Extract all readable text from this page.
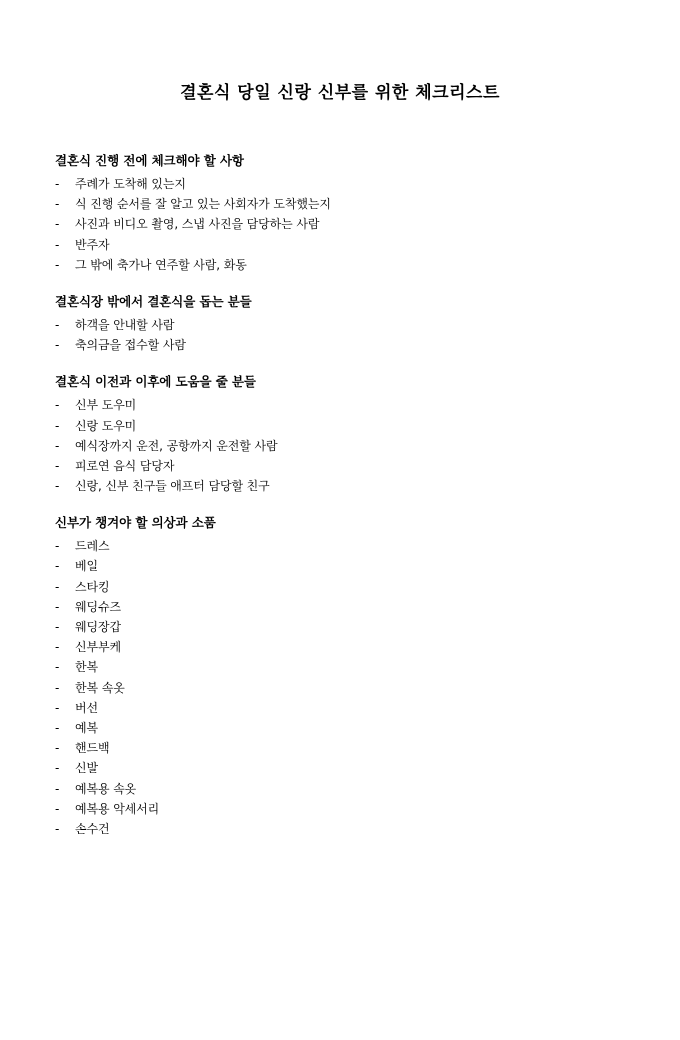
결혼식 당일 신랑 신부를 위한 체크리스트
결혼식 진행 전에 체크해야 할 사항
- 주례가 도착해 있는지
- 식 진행 순서를 잘 알고 있는 사회자가 도착했는지
- 사진과 비디오 촬영, 스냅 사진을 담당하는 사람
- 반주자
- 그 밖에 축가나 연주할 사람, 화동
결혼식장 밖에서 결혼식을 돕는 분들
- 하객을 안내할 사람
- 축의금을 접수할 사람
결혼식 이전과 이후에 도움을 줄 분들
- 신부 도우미
- 신랑 도우미
- 예식장까지 운전, 공항까지 운전할 사람
- 피로연 음식 담당자
- 신랑, 신부 친구들 애프터 담당할 친구
신부가 챙겨야 할 의상과 소품
- 드레스
- 베일
- 스타킹
- 웨딩슈즈
- 웨딩장갑
- 신부부케
- 한복
- 한복 속옷
- 버선
- 예복
- 핸드백
- 신발
- 예복용 속옷
- 예복용 악세서리
- 손수건
